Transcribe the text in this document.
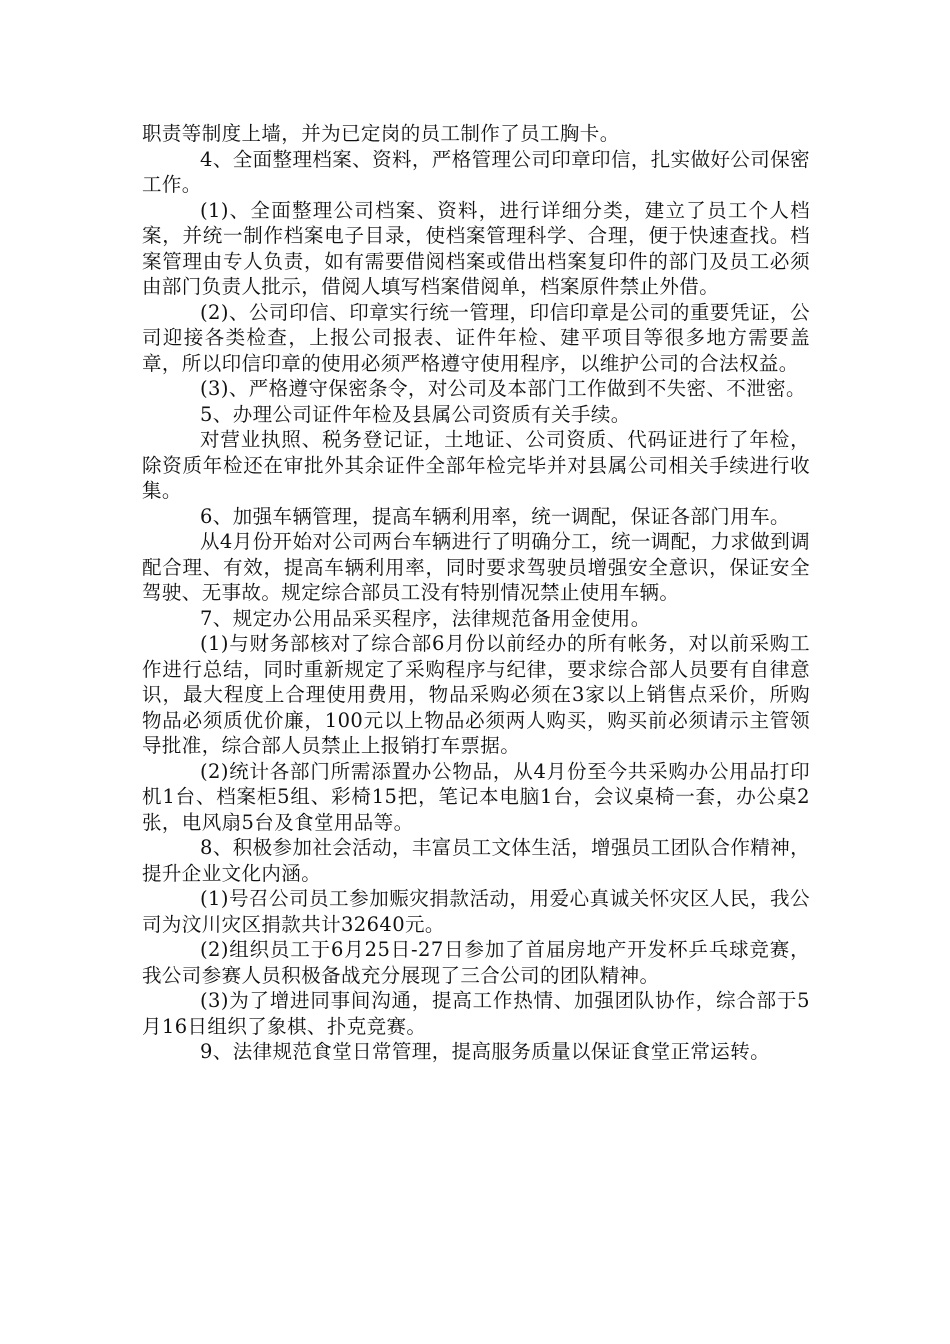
职责等制度上墙，并为已定岗的员工制作了员工胸卡。

4、全面整理档案、资料，严格管理公司印章印信，扎实做好公司保密工作。

(1)、全面整理公司档案、资料，进行详细分类，建立了员工个人档案，并统一制作档案电子目录，使档案管理科学、合理，便于快速查找。档案管理由专人负责，如有需要借阅档案或借出档案复印件的部门及员工必须由部门负责人批示，借阅人填写档案借阅单，档案原件禁止外借。

(2)、公司印信、印章实行统一管理，印信印章是公司的重要凭证，公司迎接各类检查，上报公司报表、证件年检、建平项目等很多地方需要盖章，所以印信印章的使用必须严格遵守使用程序，以维护公司的合法权益。

(3)、严格遵守保密条令，对公司及本部门工作做到不失密、不泄密。

5、办理公司证件年检及县属公司资质有关手续。

对营业执照、税务登记证，土地证、公司资质、代码证进行了年检，除资质年检还在审批外其余证件全部年检完毕并对县属公司相关手续进行收集。

6、加强车辆管理，提高车辆利用率，统一调配，保证各部门用车。

从4月份开始对公司两台车辆进行了明确分工，统一调配，力求做到调配合理、有效，提高车辆利用率，同时要求驾驶员增强安全意识，保证安全驾驶、无事故。规定综合部员工没有特别情况禁止使用车辆。

7、规定办公用品采买程序，法律规范备用金使用。

(1)与财务部核对了综合部6月份以前经办的所有帐务，对以前采购工作进行总结，同时重新规定了采购程序与纪律，要求综合部人员要有自律意识，最大程度上合理使用费用，物品采购必须在3家以上销售点采价，所购物品必须质优价廉，100元以上物品必须两人购买，购买前必须请示主管领导批准，综合部人员禁止上报销打车票据。

(2)统计各部门所需添置办公物品，从4月份至今共采购办公用品打印机1台、档案柜5组、彩椅15把，笔记本电脑1台，会议桌椅一套，办公桌2张，电风扇5台及食堂用品等。

8、积极参加社会活动，丰富员工文体生活，增强员工团队合作精神，提升企业文化内涵。

(1)号召公司员工参加赈灾捐款活动，用爱心真诚关怀灾区人民，我公司为汶川灾区捐款共计32640元。

(2)组织员工于6月25日-27日参加了首届房地产开发杯乒乓球竞赛，我公司参赛人员积极备战充分展现了三合公司的团队精神。

(3)为了增进同事间沟通，提高工作热情、加强团队协作，综合部于5月16日组织了象棋、扑克竞赛。

9、法律规范食堂日常管理，提高服务质量以保证食堂正常运转。
